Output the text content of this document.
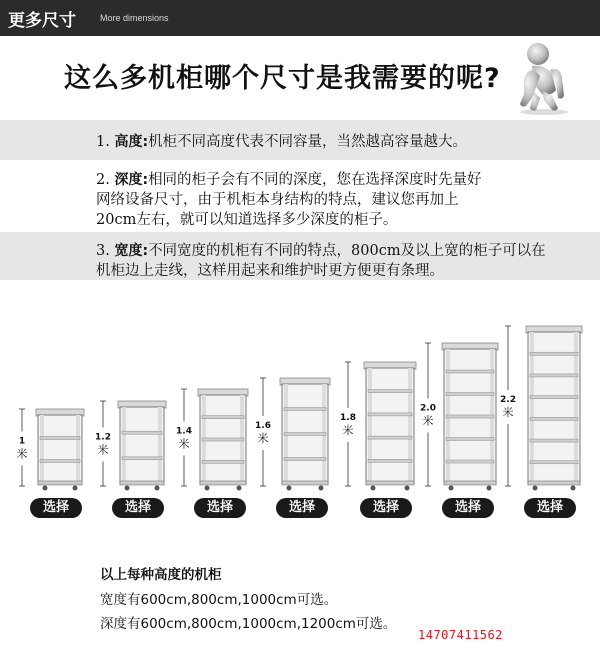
更多尺寸	More dimensions
这么多机柜哪个尺寸是我需要的呢?
1. 高度:机柜不同高度代表不同容量，当然越高容量越大。
2. 深度:相同的柜子会有不同的深度，您在选择深度时先量好
网络设备尺寸，由于机柜本身结构的特点，建议您再加上
20cm左右，就可以知道选择多少深度的柜子。
3. 宽度:不同宽度的机柜有不同的特点，800cm及以上宽的柜子可以在
机柜边上走线，这样用起来和维护时更方便更有条理。
1
米
1.2
米
1.4
米
1.6
米
1.8
米
2.0
米
2.2
米
选择	选择	选择	选择	选择	选择	选择
以上每种高度的机柜
宽度有600cm,800cm,1000cm可选。
深度有600cm,800cm,1000cm,1200cm可选。
14707411562
